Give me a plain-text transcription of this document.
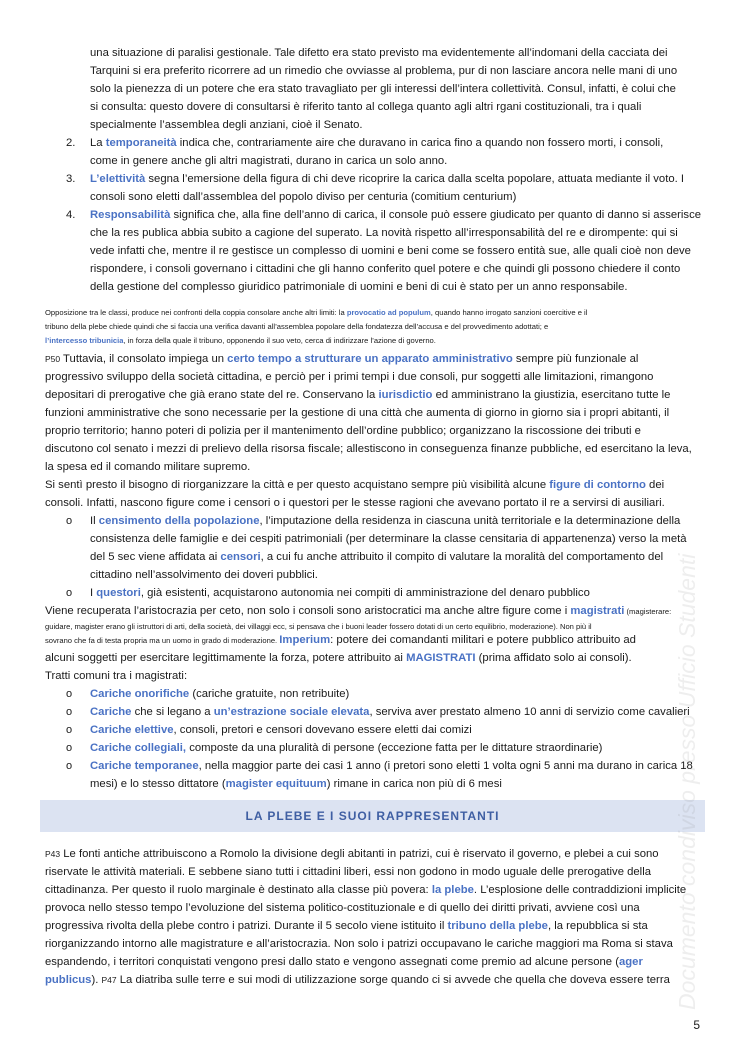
una situazione di paralisi gestionale. Tale difetto era stato previsto ma evidentemente all’indomani della cacciata dei

Tarquini si era preferito ricorrere ad un rimedio che ovviasse al problema, pur di non lasciare ancora nelle mani di uno

solo la pienezza di un potere che era stato travagliato per gli interessi dell’intera collettività. Consul, infatti, è colui che

si consulta: questo dovere di consultarsi è riferito tanto al collega quanto agli altri rgani costituzionali, tra i quali

specialmente l’assemblea degli anziani, cioè il Senato.

2. La temporaneità indica che, contrariamente aire che duravano in carica fino a quando non fossero morti, i consoli,

come in genere anche gli altri magistrati, durano in carica un solo anno.

3. L’elettività segna l’emersione della figura di chi deve ricoprire la carica dalla scelta popolare, attuata mediante il voto. I

consoli sono eletti dall’assemblea del popolo diviso per centuria (comitium centurium)

4. Responsabilità significa che, alla fine dell’anno di carica, il console può essere giudicato per quanto di danno si asserisce

che la res publica abbia subito a cagione del superato. La novità rispetto all’irresponsabilità del re e dirompente: qui si

vede infatti che, mentre il re gestisce un complesso di uomini e beni come se fossero entità sue, alle quali cioè non deve

rispondere, i consoli governano i cittadini che gli hanno conferito quel potere e che quindi gli possono chiedere il conto

della gestione del complesso giuridico patrimoniale di uomini e beni di cui è stato per un anno responsabile.

Opposizione tra le classi, produce nei confronti della coppia consolare anche altri limiti: la provocatio ad populum, quando hanno irrogato sanzioni coercitive e il

tribuno della plebe chiede quindi che si faccia una verifica davanti all’assemblea popolare della fondatezza dell’accusa e del provvedimento adottati; e

l’intercesso tribunicia, in forza della quale il tribuno, opponendo il suo veto, cerca di indirizzare l’azione di governo.

P50 Tuttavia, il consolato impiega un certo tempo a strutturare un apparato amministrativo sempre più funzionale al

progressivo sviluppo della società cittadina, e perciò per i primi tempi i due consoli, pur soggetti alle limitazioni, rimangono

depositari di prerogative che già erano state del re. Conservano la iurisdictio ed amministrano la giustizia, esercitano tutte le

funzioni amministrative che sono necessarie per la gestione di una città che aumenta di giorno in giorno sia i propri abitanti, il

proprio territorio; hanno poteri di polizia per il mantenimento dell’ordine pubblico; organizzano la riscossione dei tributi e

discutono col senato i mezzi di prelievo della risorsa fiscale; allestiscono in conseguenza finanze pubbliche, ed esercitano la leva,

la spesa ed il comando militare supremo.

Si sentì presto il bisogno di riorganizzare la città e per questo acquistano sempre più visibilità alcune figure di contorno dei

consoli. Infatti, nascono figure come i censori o i questori per le stesse ragioni che avevano portato il re a servirsi di ausiliari.

o Il censimento della popolazione, l’imputazione della residenza in ciascuna unità territoriale e la determinazione della

consistenza delle famiglie e dei cespiti patrimoniali (per determinare la classe censitaria di appartenenza) verso la metà

del 5 sec viene affidata ai censori, a cui fu anche attribuito il compito di valutare la moralità del comportamento del

cittadino nell’assolvimento dei doveri pubblici.

o I questori, già esistenti, acquistarono autonomia nei compiti di amministrazione del denaro pubblico

Viene recuperata l’aristocrazia per ceto, non solo i consoli sono aristocratici ma anche altre figure come i magistrati (magisterare:

guidare, magister erano gli istruttori di arti, della società, dei villaggi ecc, si pensava che i buoni leader fossero dotati di un certo equilibrio, moderazione). Non più il

sovrano che fa di testa propria ma un uomo in grado di moderazione. Imperium: potere dei comandanti militari e potere pubblico attribuito ad

alcuni soggetti per esercitare legittimamente la forza, potere attribuito ai MAGISTRATI (prima affidato solo ai consoli).

Tratti comuni tra i magistrati:

o Cariche onorifiche (cariche gratuite, non retribuite)

o Cariche che si legano a un’estrazione sociale elevata, serviva aver prestato almeno 10 anni di servizio come cavalieri

o Cariche elettive, consoli, pretori e censori dovevano essere eletti dai comizi

o Cariche collegiali, composte da una pluralità di persone (eccezione fatta per le dittature straordinarie)

o Cariche temporanee, nella maggior parte dei casi 1 anno (i pretori sono eletti 1 volta ogni 5 anni ma durano in carica 18

mesi) e lo stesso dittatore (magister equituum) rimane in carica non più di 6 mesi

LA PLEBE E I SUOI RAPPRESENTANTI

P43 Le fonti antiche attribuiscono a Romolo la divisione degli abitanti in patrizi, cui è riservato il governo, e plebei a cui sono

riservate le attività materiali. E sebbene siano tutti i cittadini liberi, essi non godono in modo uguale delle prerogative della

cittadinanza. Per questo il ruolo marginale è destinato alla classe più povera: la plebe. L’esplosione delle contraddizioni implicite

provoca nello stesso tempo l’evoluzione del sistema politico-costituzionale e di quello dei diritti privati, avviene così una

progressiva rivolta della plebe contro i patrizi. Durante il 5 secolo viene istituito il tribuno della plebe, la repubblica si sta

riorganizzando intorno alle magistrature e all’aristocrazia. Non solo i patrizi occupavano le cariche maggiori ma Roma si stava

espandendo, i territori conquistati vengono presi dallo stato e vengono assegnati come premio ad alcune persone (ager

publicus). P47 La diatriba sulle terre e sui modi di utilizzazione sorge quando ci si avvede che quella che doveva essere terra Documento condiviso presso Ufficio Studenti
5
